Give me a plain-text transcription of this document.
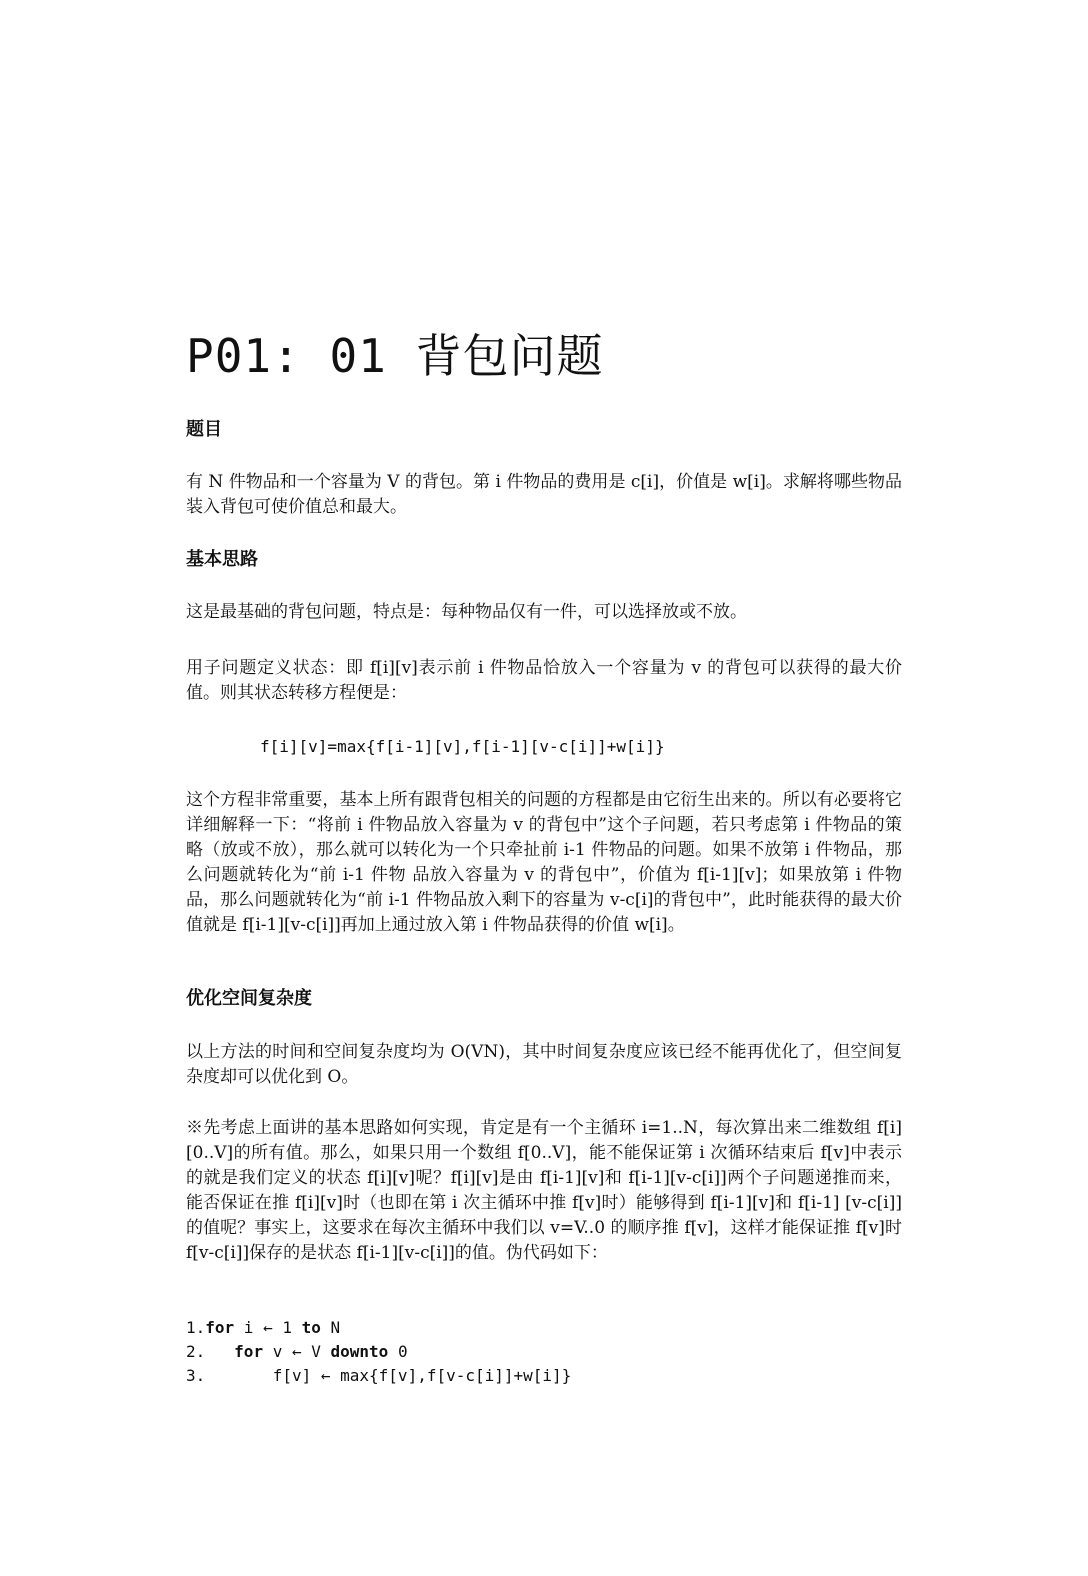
P01: 01 背包问题
题目

有 N 件物品和一个容量为 V 的背包。第 i 件物品的费用是 c[i]，价值是 w[i]。求解将哪些物品装入背包可使价值总和最大。

基本思路

这是最基础的背包问题，特点是：每种物品仅有一件，可以选择放或不放。

用子问题定义状态：即 f[i][v]表示前 i 件物品恰放入一个容量为 v 的背包可以获得的最大价值。则其状态转移方程便是：

f[i][v]=max{f[i-1][v],f[i-1][v-c[i]]+w[i]}

这个方程非常重要，基本上所有跟背包相关的问题的方程都是由它衍生出来的。所以有必要将它详细解释一下：“将前 i 件物品放入容量为 v 的背包中”这个子问题，若只考虑第 i 件物品的策略（放或不放），那么就可以转化为一个只牵扯前 i-1 件物品的问题。如果不放第 i 件物品，那么问题就转化为“前 i-1 件物 品放入容量为 v 的背包中”，价值为 f[i-1][v]；如果放第 i 件物品，那么问题就转化为“前 i-1 件物品放入剩下的容量为 v-c[i]的背包中”，此时能获得的最大价值就是 f[i-1][v-c[i]]再加上通过放入第 i 件物品获得的价值 w[i]。

优化空间复杂度

以上方法的时间和空间复杂度均为 O(VN)，其中时间复杂度应该已经不能再优化了，但空间复杂度却可以优化到 O。

※先考虑上面讲的基本思路如何实现，肯定是有一个主循环 i=1..N，每次算出来二维数组 f[i][0..V]的所有值。那么，如果只用一个数组 f[0..V]，能不能保证第 i 次循环结束后 f[v]中表示的就是我们定义的状态 f[i][v]呢？f[i][v]是由 f[i-1][v]和 f[i-1][v-c[i]]两个子问题递推而来，能否保证在推 f[i][v]时（也即在第 i 次主循环中推 f[v]时）能够得到 f[i-1][v]和 f[i-1] [v-c[i]]的值呢？事实上，这要求在每次主循环中我们以 v=V..0 的顺序推 f[v]，这样才能保证推 f[v]时 f[v-c[i]]保存的是状态 f[i-1][v-c[i]]的值。伪代码如下：

1.for i ← 1 to N
2. for v ← V downto 0
3.	f[v] ← max{f[v],f[v-c[i]]+w[i]}
